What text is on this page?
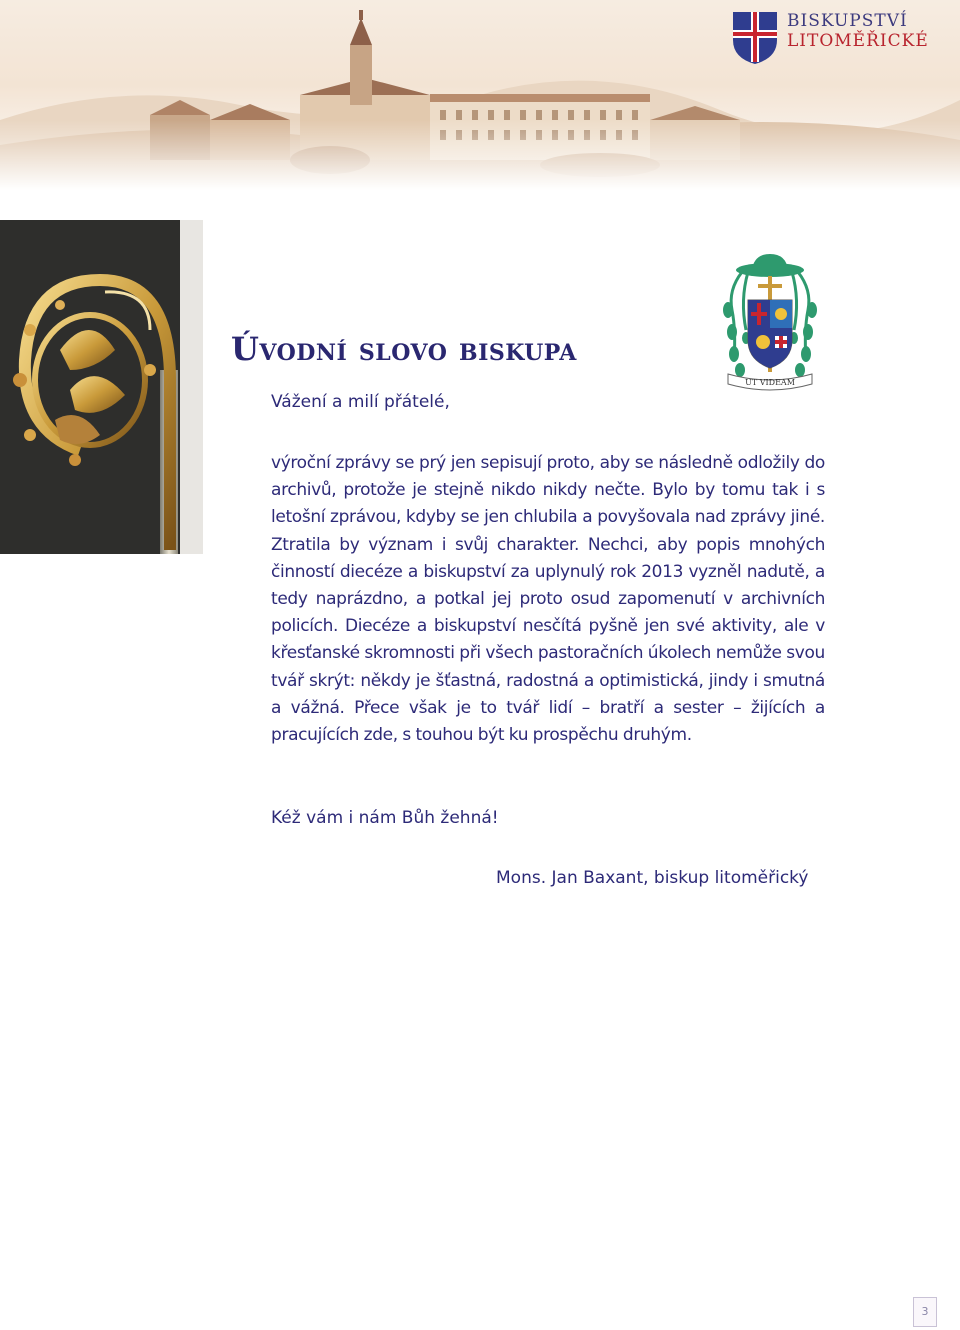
BISKUPSTVÍ
LITOMĚŘICKÉ
UT VIDEAM
Úvodní slovo biskupa
Vážení a milí přátelé,

výroční zprávy se prý jen sepisují proto, aby se následně odložily do archivů, protože je stejně nikdo nikdy nečte. Bylo by tomu tak i s letošní zprávou, kdyby se jen chlubila a povyšovala nad zprávy jiné. Ztratila by význam i svůj charakter. Nechci, aby popis mnohých činností diecéze a biskupství za uplynulý rok 2013 vyzněl nadutě, a tedy naprázdno, a potkal jej proto osud zapomenutí v archivních policích. Diecéze a biskupství nesčítá pyšně jen své aktivity, ale v křesťanské skromnosti při všech pastoračních úkolech nemůže svou tvář skrýt: někdy je šťastná, radostná a optimistická, jindy i smutná a vážná. Přece však je to tvář lidí – bratří a sester – žijících a pracujících zde, s touhou být ku prospěchu druhým.

Kéž vám i nám Bůh žehná!
Mons. Jan Baxant, biskup litoměřický
3
